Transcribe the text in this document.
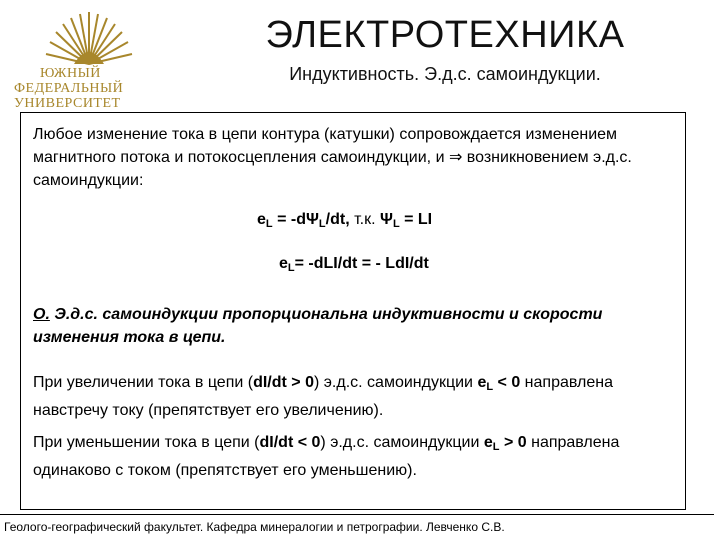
ЮЖНЫЙ
ФЕДЕРАЛЬНЫЙ
УНИВЕРСИТЕТ
ЭЛЕКТРОТЕХНИКА

Индуктивность. Э.д.с. самоиндукции.

Любое изменение тока в цепи контура (катушки) сопровождается изменением магнитного потока и потокосцепления самоиндукции, и ⇒ возникновением э.д.с. самоиндукции:
$e_L = -d\Psi_L/dt$, т.к. $\Psi_L$ = LI
$e_L= -dLI/dt$ = - LdI/dt
О. Э.д.с. самоиндукции пропорциональна индуктивности и скорости изменения тока в цепи.
При увеличении тока в цепи (dI/dt > 0) э.д.с. самоиндукции $e_L < 0$ направлена навстречу току (препятствует его увеличению).
При уменьшении тока в цепи (dI/dt < 0) э.д.с. самоиндукции $e_L > 0$ направлена одинаково с током (препятствует его уменьшению).
Геолого-географический факультет. Кафедра минералогии и петрографии. Левченко С.В.
